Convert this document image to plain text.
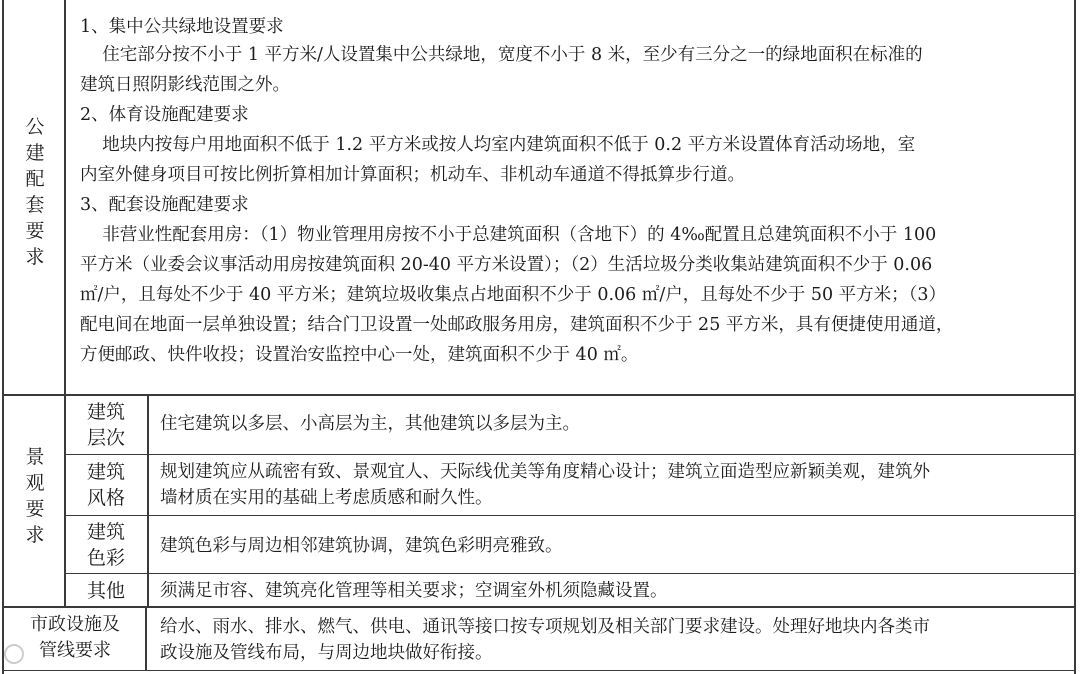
公
建
配
套
要
求
1、集中公共绿地设置要求
住宅部分按不小于 1 平方米/人设置集中公共绿地，宽度不小于 8 米，至少有三分之一的绿地面积在标准的
建筑日照阴影线范围之外。
2、体育设施配建要求
地块内按每户用地面积不低于 1.2 平方米或按人均室内建筑面积不低于 0.2 平方米设置体育活动场地，室
内室外健身项目可按比例折算相加计算面积；机动车、非机动车通道不得抵算步行道。
3、配套设施配建要求
非营业性配套用房：（1）物业管理用房按不小于总建筑面积（含地下）的 4‰配置且总建筑面积不小于 100
平方米（业委会议事活动用房按建筑面积 20-40 平方米设置）；（2）生活垃圾分类收集站建筑面积不少于 0.06
㎡/户，且每处不少于 40 平方米；建筑垃圾收集点占地面积不少于 0.06 ㎡/户，且每处不少于 50 平方米；（3）
配电间在地面一层单独设置；结合门卫设置一处邮政服务用房，建筑面积不少于 25 平方米，具有便捷使用通道，
方便邮政、快件收投；设置治安监控中心一处，建筑面积不少于 40 ㎡。
景
观
要
求
建筑
层次
住宅建筑以多层、小高层为主，其他建筑以多层为主。
建筑
风格
规划建筑应从疏密有致、景观宜人、天际线优美等角度精心设计；建筑立面造型应新颖美观，建筑外
墙材质在实用的基础上考虑质感和耐久性。
建筑
色彩
建筑色彩与周边相邻建筑协调，建筑色彩明亮雅致。
其他	须满足市容、建筑亮化管理等相关要求；空调室外机须隐藏设置。
市政设施及
管线要求
给水、雨水、排水、燃气、供电、通讯等接口按专项规划及相关部门要求建设。处理好地块内各类市
政设施及管线布局，与周边地块做好衔接。
